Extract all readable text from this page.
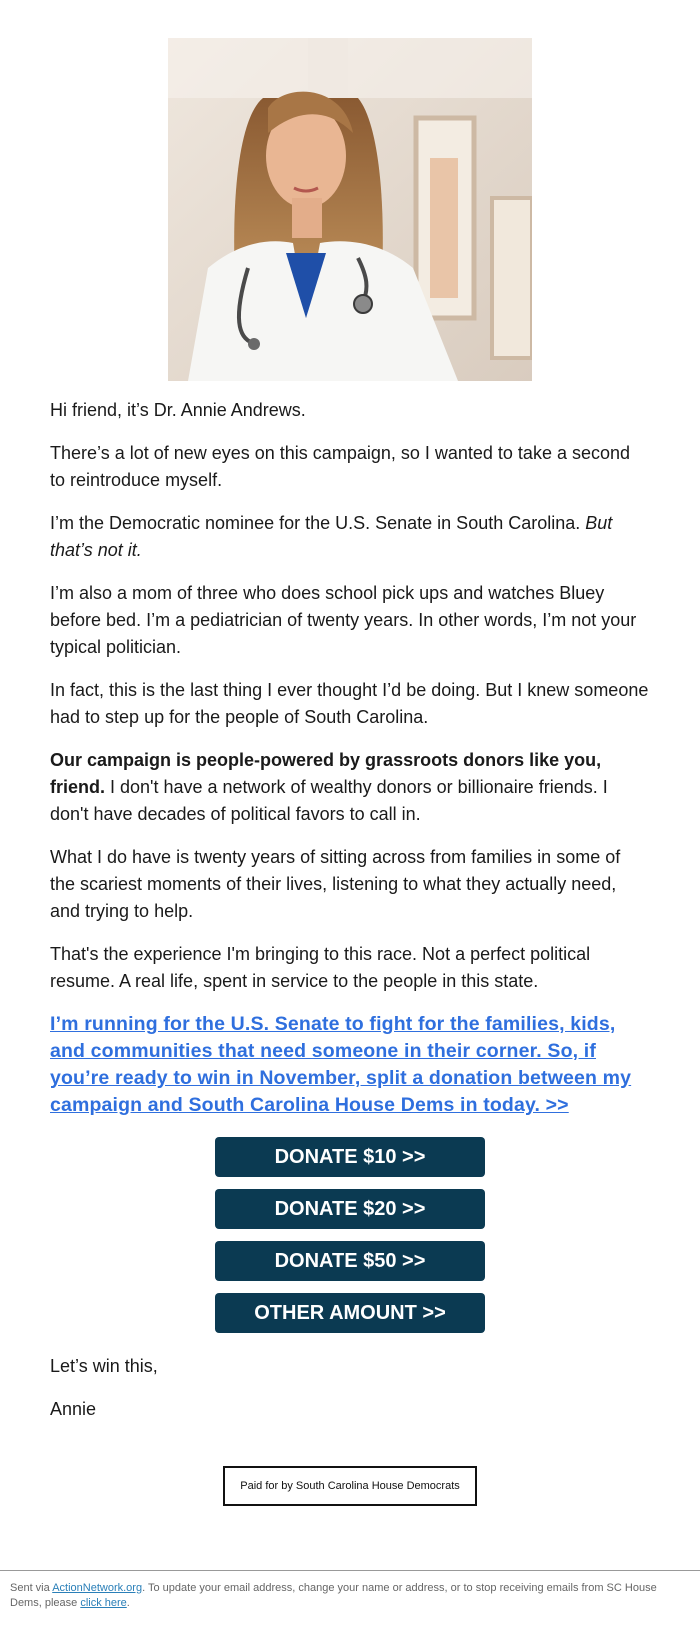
Hi friend, it’s Dr. Annie Andrews.

There’s a lot of new eyes on this campaign, so I wanted to take a second to reintroduce myself.

I’m the Democratic nominee for the U.S. Senate in South Carolina. But that’s not it.

I’m also a mom of three who does school pick ups and watches Bluey before bed. I’m a pediatrician of twenty years. In other words, I’m not your typical politician.

In fact, this is the last thing I ever thought I’d be doing. But I knew someone had to step up for the people of South Carolina.

Our campaign is people-powered by grassroots donors like you, friend. I don't have a network of wealthy donors or billionaire friends. I don't have decades of political favors to call in.

What I do have is twenty years of sitting across from families in some of the scariest moments of their lives, listening to what they actually need, and trying to help.

That's the experience I'm bringing to this race. Not a perfect political resume. A real life, spent in service to the people in this state.

I’m running for the U.S. Senate to fight for the families, kids, and communities that need someone in their corner. So, if you’re ready to win in November, split a donation between my campaign and South Carolina House Dems in today. >>
DONATE $10 >>
DONATE $20 >>
DONATE $50 >>
OTHER AMOUNT >>

Let’s win this,

Annie

Paid for by South Carolina House Democrats
Sent via ActionNetwork.org. To update your email address, change your name or address, or to stop receiving emails from SC House Dems, please click here.
